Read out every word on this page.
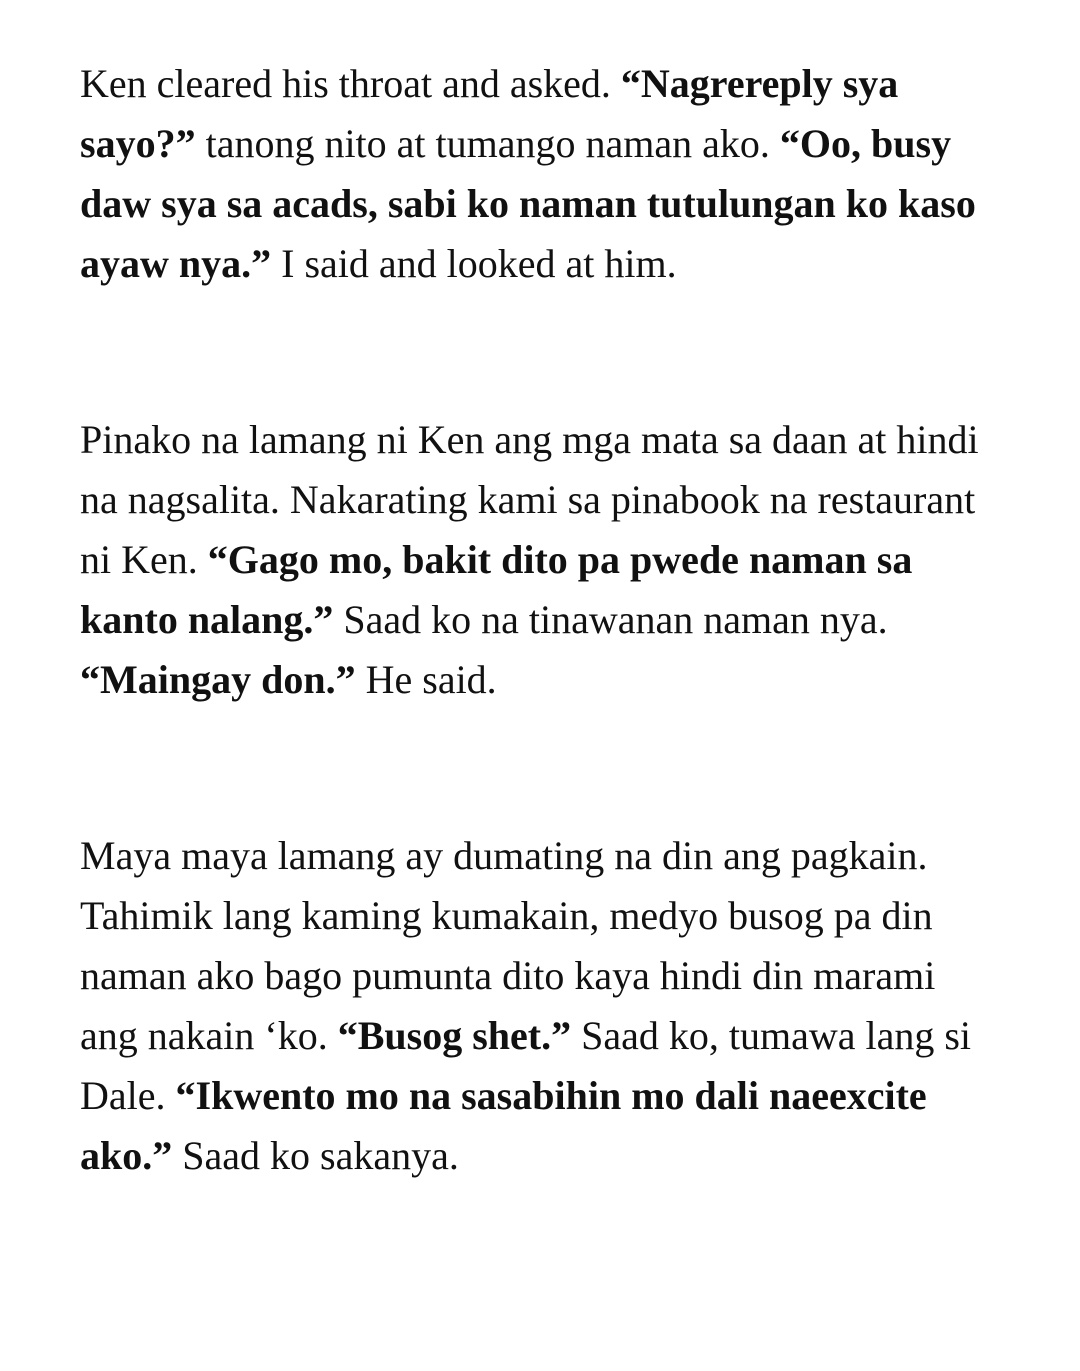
Ken cleared his throat and asked. “Nagrereply sya sayo?” tanong nito at tumango naman ako. “Oo, busy daw sya sa acads, sabi ko naman tutulungan ko kaso ayaw nya.” I said and looked at him.

Pinako na lamang ni Ken ang mga mata sa daan at hindi na nagsalita. Nakarating kami sa pinabook na restaurant ni Ken. “Gago mo, bakit dito pa pwede naman sa kanto nalang.” Saad ko na tinawanan naman nya. “Maingay don.” He said.

Maya maya lamang ay dumating na din ang pagkain. Tahimik lang kaming kumakain, medyo busog pa din naman ako bago pumunta dito kaya hindi din marami ang nakain ‘ko. “Busog shet.” Saad ko, tumawa lang si Dale. “Ikwento mo na sasabihin mo dali naeexcite ako.” Saad ko sakanya.
